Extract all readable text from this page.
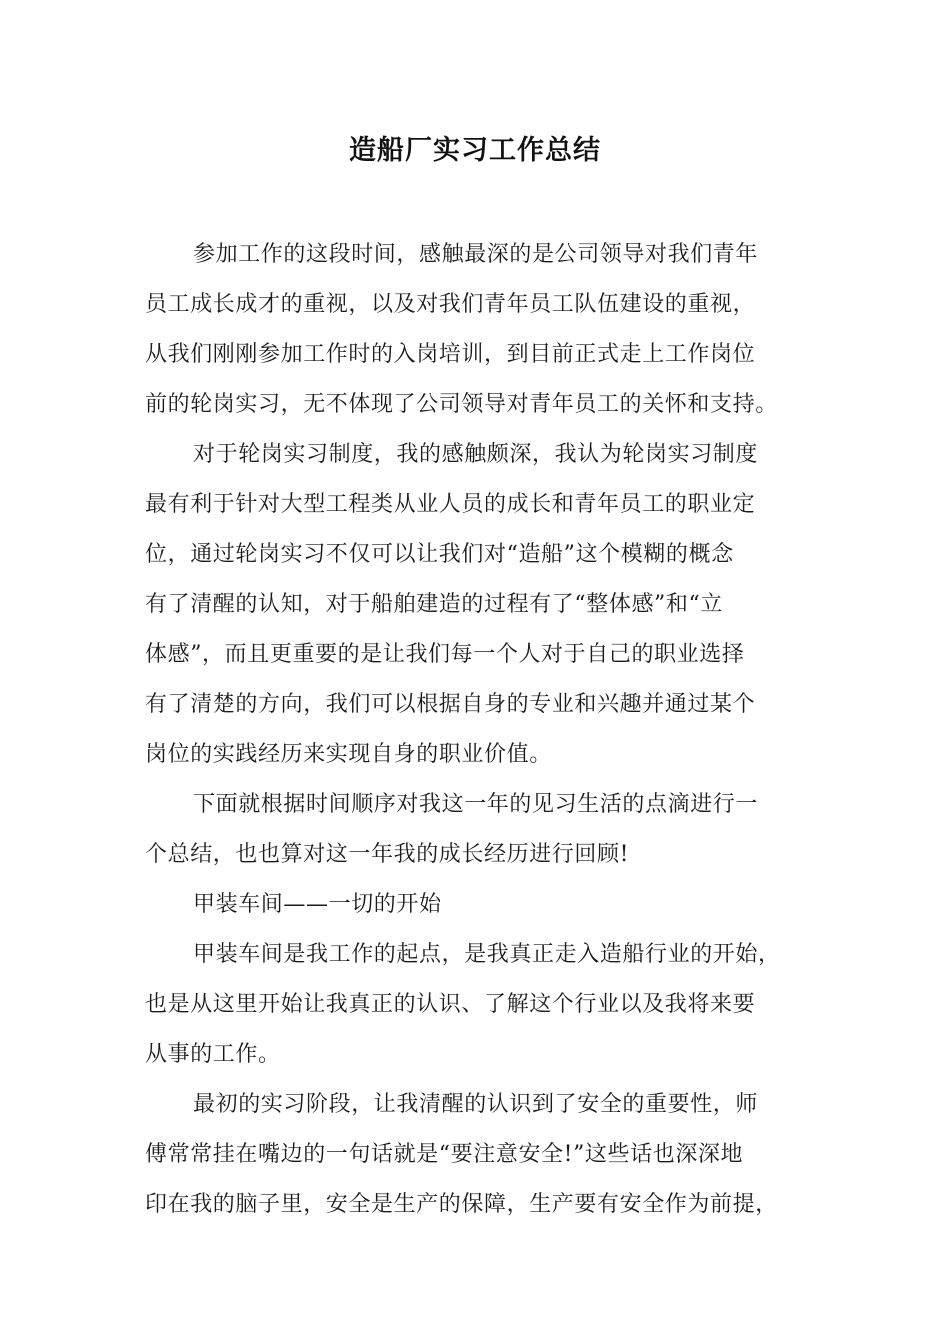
造船厂实习工作总结
参加工作的这段时间，感触最深的是公司领导对我们青年
员工成长成才的重视，以及对我们青年员工队伍建设的重视，
从我们刚刚参加工作时的入岗培训，到目前正式走上工作岗位
前的轮岗实习，无不体现了公司领导对青年员工的关怀和支持。
对于轮岗实习制度，我的感触颇深，我认为轮岗实习制度
最有利于针对大型工程类从业人员的成长和青年员工的职业定
位，通过轮岗实习不仅可以让我们对“造船”这个模糊的概念
有了清醒的认知，对于船舶建造的过程有了“整体感”和“立
体感”，而且更重要的是让我们每一个人对于自己的职业选择
有了清楚的方向，我们可以根据自身的专业和兴趣并通过某个
岗位的实践经历来实现自身的职业价值。
下面就根据时间顺序对我这一年的见习生活的点滴进行一
个总结，也也算对这一年我的成长经历进行回顾!
甲装车间——一切的开始
甲装车间是我工作的起点，是我真正走入造船行业的开始，
也是从这里开始让我真正的认识、了解这个行业以及我将来要
从事的工作。
最初的实习阶段，让我清醒的认识到了安全的重要性，师
傅常常挂在嘴边的一句话就是“要注意安全!”这些话也深深地
印在我的脑子里，安全是生产的保障，生产要有安全作为前提，
